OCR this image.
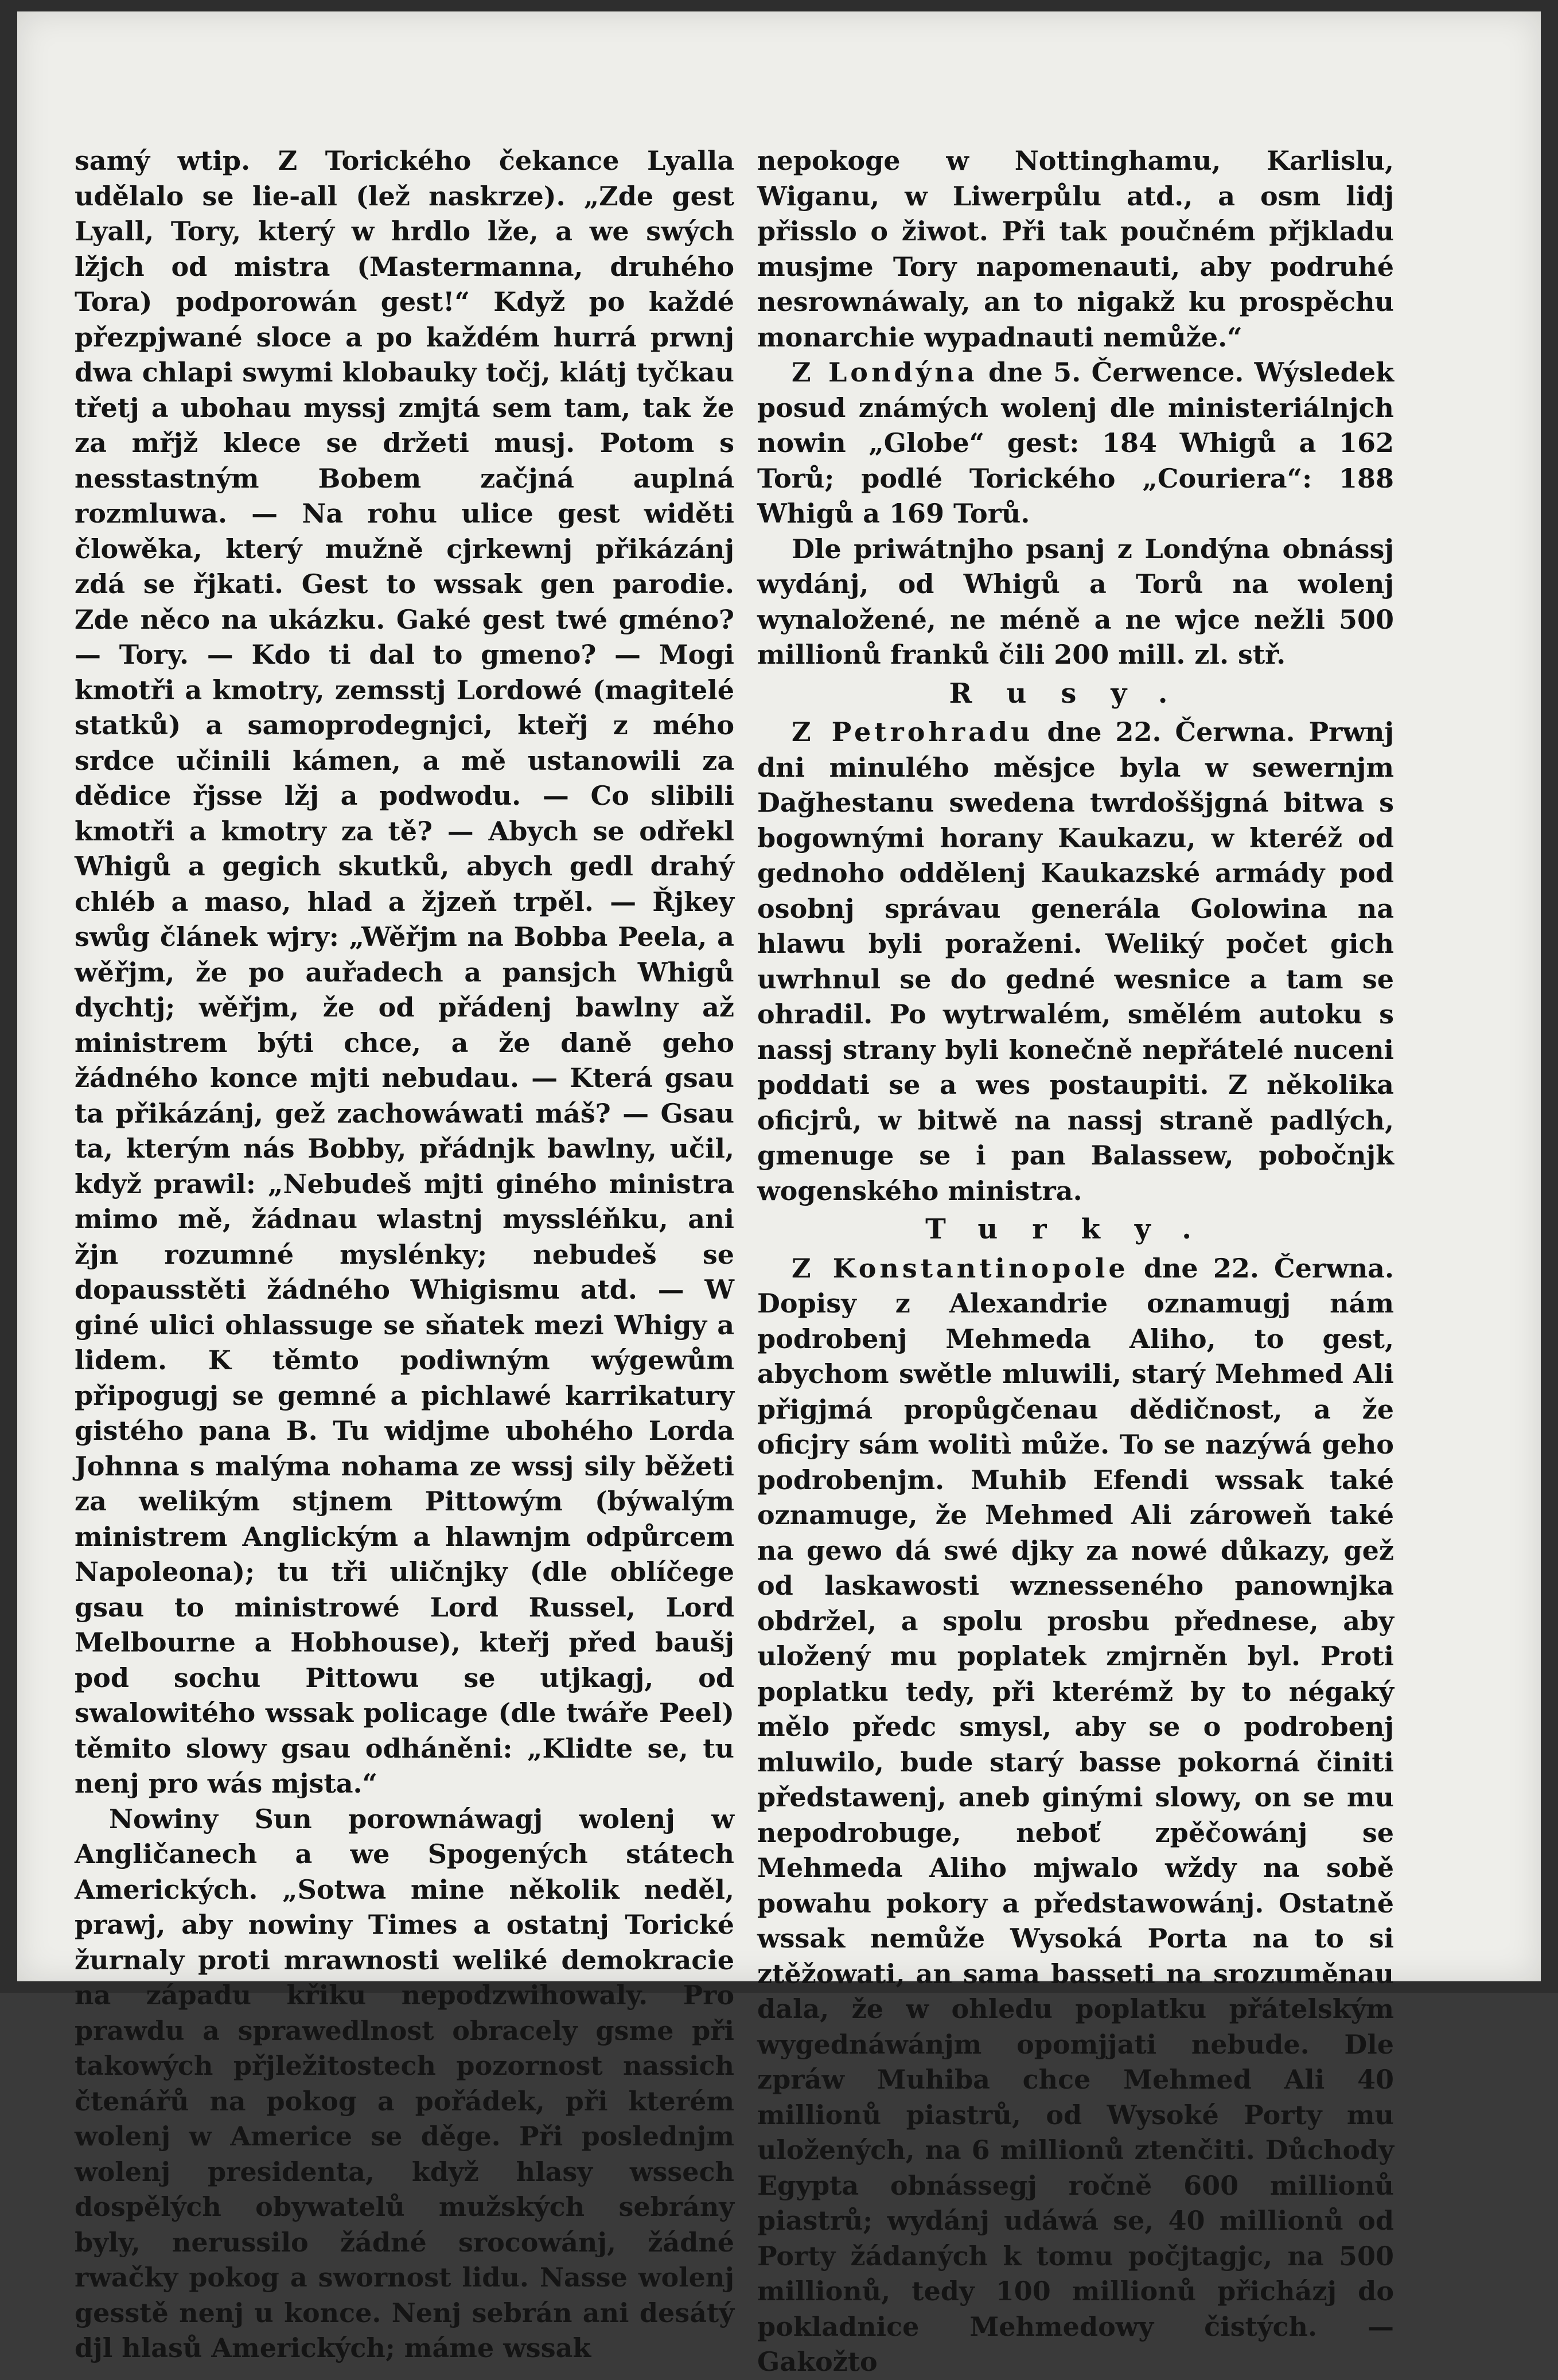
samý wtip. Z Torického čekance Lyalla udělalo se lie-all (lež naskrze). „Zde gest Lyall, Tory, který w hrdlo lže, a we swých lžjch od mistra (Mastermanna, druhého Tora) podporowán gest!“ Když po každé přezpjwané sloce a po každém hurrá prwnj dwa chlapi swymi klobauky točj, klátj tyčkau třetj a ubohau myssj zmjtá sem tam, tak že za mřjž klece se držeti musj. Potom s nesstastným Bobem začjná auplná rozmluwa. — Na rohu ulice gest widěti člowěka, který mužně cjrkewnj přikázánj zdá se řjkati. Gest to wssak gen parodie. Zde něco na ukázku. Gaké gest twé gméno? — Tory. — Kdo ti dal to gmeno? — Mogi kmotři a kmotry, zemsstj Lordowé (magitelé statků) a samoprodegnjci, kteřj z mého srdce učinili kámen, a mě ustanowili za dědice řjsse lžj a podwodu. — Co slibili kmotři a kmotry za tě? — Abych se odřekl Whigů a gegich skutků, abych gedl drahý chléb a maso, hlad a žjzeň trpěl. — Řjkey swůg článek wjry: „Wěřjm na Bobba Peela, a wěřjm, že po auřadech a pansjch Whigů dychtj; wěřjm, že od přádenj bawlny až ministrem býti chce, a že daně geho žádného konce mjti nebudau. — Která gsau ta přikázánj, gež zachowáwati máš? — Gsau ta, kterým nás Bobby, přádnjk bawlny, učil, když prawil: „Nebudeš mjti giného ministra mimo mě, žádnau wlastnj myssléňku, ani žjn rozumné myslénky; nebudeš se dopausstěti žádného Whigismu atd. — W giné ulici ohlassuge se sňatek mezi Whigy a lidem. K těmto podiwným wýgewům připogugj se gemné a pichlawé karrikatury gistého pana B. Tu widjme ubohého Lorda Johnna s malýma nohama ze wssj sily běžeti za welikým stjnem Pittowým (býwalým ministrem Anglickým a hlawnjm odpůrcem Napoleona); tu tři uličnjky (dle oblíčege gsau to ministrowé Lord Russel, Lord Melbourne a Hobhouse), kteřj před baušj pod sochu Pittowu se utjkagj, od swalowitého wssak policage (dle twáře Peel) těmito slowy gsau odháněni: „Klidte se, tu nenj pro wás mjsta.“

Nowiny Sun porownáwagj wolenj w Angličanech a we Spogených státech Amerických. „Sotwa mine několik neděl, prawj, aby nowiny Times a ostatnj Torické žurnaly proti mrawnosti weliké demokracie na západu křiku nepodzwihowaly. Pro prawdu a sprawedlnost obracely gsme při takowých přjležitostech pozornost nassich čtenářů na pokog a pořádek, při kterém wolenj w Americe se děge. Při poslednjm wolenj presidenta, když hlasy wssech dospělých obywatelů mužských sebrány byly, nerussilo žádné srocowánj, žádné rwačky pokog a swornost lidu. Nasse wolenj gesstě nenj u konce. Nenj sebrán ani desátý djl hlasů Amerických; máme wssak

nepokoge w Nottinghamu, Karlislu, Wiganu, w Liwerpůlu atd., a osm lidj přisslo o žiwot. Při tak poučném přjkladu musjme Tory napomenauti, aby podruhé nesrownáwaly, an to nigakž ku prospěchu monarchie wypadnauti nemůže.“

Z Londýna dne 5. Čerwence. Wýsledek posud známých wolenj dle ministeriálnjch nowin „Globe“ gest: 184 Whigů a 162 Torů; podlé Torického „Couriera“: 188 Whigů a 169 Torů.

Dle priwátnjho psanj z Londýna obnássj wydánj, od Whigů a Torů na wolenj wynaložené, ne méně a ne wjce nežli 500 millionů franků čili 200 mill. zl. stř.

Rusy.

Z Petrohradu dne 22. Čerwna. Prwnj dni minulého měsjce byla w sewernjm Dağhestanu swedena twrdoššjgná bitwa s bogownými horany Kaukazu, w kteréž od gednoho oddělenj Kaukazské armády pod osobnj správau generála Golowina na hlawu byli poraženi. Weliký počet gich uwrhnul se do gedné wesnice a tam se ohradil. Po wytrwalém, smělém autoku s nassj strany byli konečně nepřátelé nuceni poddati se a wes postaupiti. Z několika oficjrů, w bitwě na nassj straně padlých, gmenuge se i pan Balassew, pobočnjk wogenského ministra.

Turky.

Z Konstantinopole dne 22. Čerwna. Dopisy z Alexandrie oznamugj nám podrobenj Mehmeda Aliho, to gest, abychom swětle mluwili, starý Mehmed Ali přigjmá propůgčenau dědičnost, a že oficjry sám wolitì může. To se nazýwá geho podrobenjm. Muhib Efendi wssak také oznamuge, že Mehmed Ali zároweň také na gewo dá swé djky za nowé důkazy, gež od laskawosti wznesseného panownjka obdržel, a spolu prosbu přednese, aby uložený mu poplatek zmjrněn byl. Proti poplatku tedy, při kterémž by to négaký mělo předc smysl, aby se o podrobenj mluwilo, bude starý basse pokorná činiti předstawenj, aneb ginými slowy, on se mu nepodrobuge, neboť zpěčowánj se Mehmeda Aliho mjwalo wždy na sobě powahu pokory a předstawowánj. Ostatně wssak nemůže Wysoká Porta na to si ztěžowati, an sama basseti na srozuměnau dala, že w ohledu poplatku přátelským wygednáwánjm opomjjati nebude. Dle zpráw Muhiba chce Mehmed Ali 40 millionů piastrů, od Wysoké Porty mu uložených, na 6 millionů ztenčiti. Důchody Egypta obnássegj ročně 600 millionů piastrů; wydánj udáwá se, 40 millionů od Porty žádaných k tomu počjtagjc, na 500 millionů, tedy 100 millionů přicházj do pokladnice Mehmedowy čistých. — Gakožto
